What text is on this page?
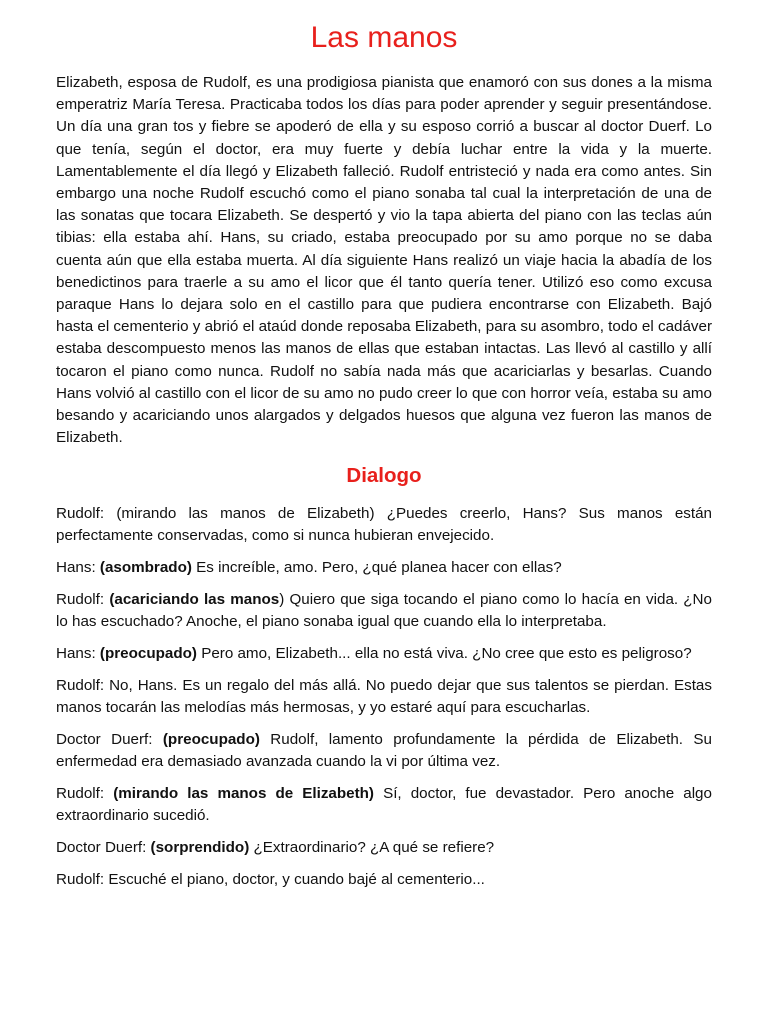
Las manos

Elizabeth, esposa de Rudolf, es una prodigiosa pianista que enamoró con sus dones a la misma emperatriz María Teresa. Practicaba todos los días para poder aprender y seguir presentándose. Un día una gran tos y fiebre se apoderó de ella y su esposo corrió a buscar al doctor Duerf. Lo que tenía, según el doctor, era muy fuerte y debía luchar entre la vida y la muerte. Lamentablemente el día llegó y Elizabeth falleció. Rudolf entristeció y nada era como antes. Sin embargo una noche Rudolf escuchó como el piano sonaba tal cual la interpretación de una de las sonatas que tocara Elizabeth. Se despertó y vio la tapa abierta del piano con las teclas aún tibias: ella estaba ahí. Hans, su criado, estaba preocupado por su amo porque no se daba cuenta aún que ella estaba muerta. Al día siguiente Hans realizó un viaje hacia la abadía de los benedictinos para traerle a su amo el licor que él tanto quería tener. Utilizó eso como excusa paraque Hans lo dejara solo en el castillo para que pudiera encontrarse con Elizabeth. Bajó hasta el cementerio y abrió el ataúd donde reposaba Elizabeth, para su asombro, todo el cadáver estaba descompuesto menos las manos de ellas que estaban intactas. Las llevó al castillo y allí tocaron el piano como nunca. Rudolf no sabía nada más que acariciarlas y besarlas. Cuando Hans volvió al castillo con el licor de su amo no pudo creer lo que con horror veía, estaba su amo besando y acariciando unos alargados y delgados huesos que alguna vez fueron las manos de Elizabeth.

Dialogo

Rudolf: (mirando las manos de Elizabeth) ¿Puedes creerlo, Hans? Sus manos están perfectamente conservadas, como si nunca hubieran envejecido.

Hans: (asombrado) Es increíble, amo. Pero, ¿qué planea hacer con ellas?

Rudolf: (acariciando las manos) Quiero que siga tocando el piano como lo hacía en vida. ¿No lo has escuchado? Anoche, el piano sonaba igual que cuando ella lo interpretaba.

Hans: (preocupado) Pero amo, Elizabeth... ella no está viva. ¿No cree que esto es peligroso?

Rudolf: No, Hans. Es un regalo del más allá. No puedo dejar que sus talentos se pierdan. Estas manos tocarán las melodías más hermosas, y yo estaré aquí para escucharlas.

Doctor Duerf: (preocupado) Rudolf, lamento profundamente la pérdida de Elizabeth. Su enfermedad era demasiado avanzada cuando la vi por última vez.

Rudolf: (mirando las manos de Elizabeth) Sí, doctor, fue devastador. Pero anoche algo extraordinario sucedió.

Doctor Duerf: (sorprendido) ¿Extraordinario? ¿A qué se refiere?

Rudolf: Escuché el piano, doctor, y cuando bajé al cementerio...
